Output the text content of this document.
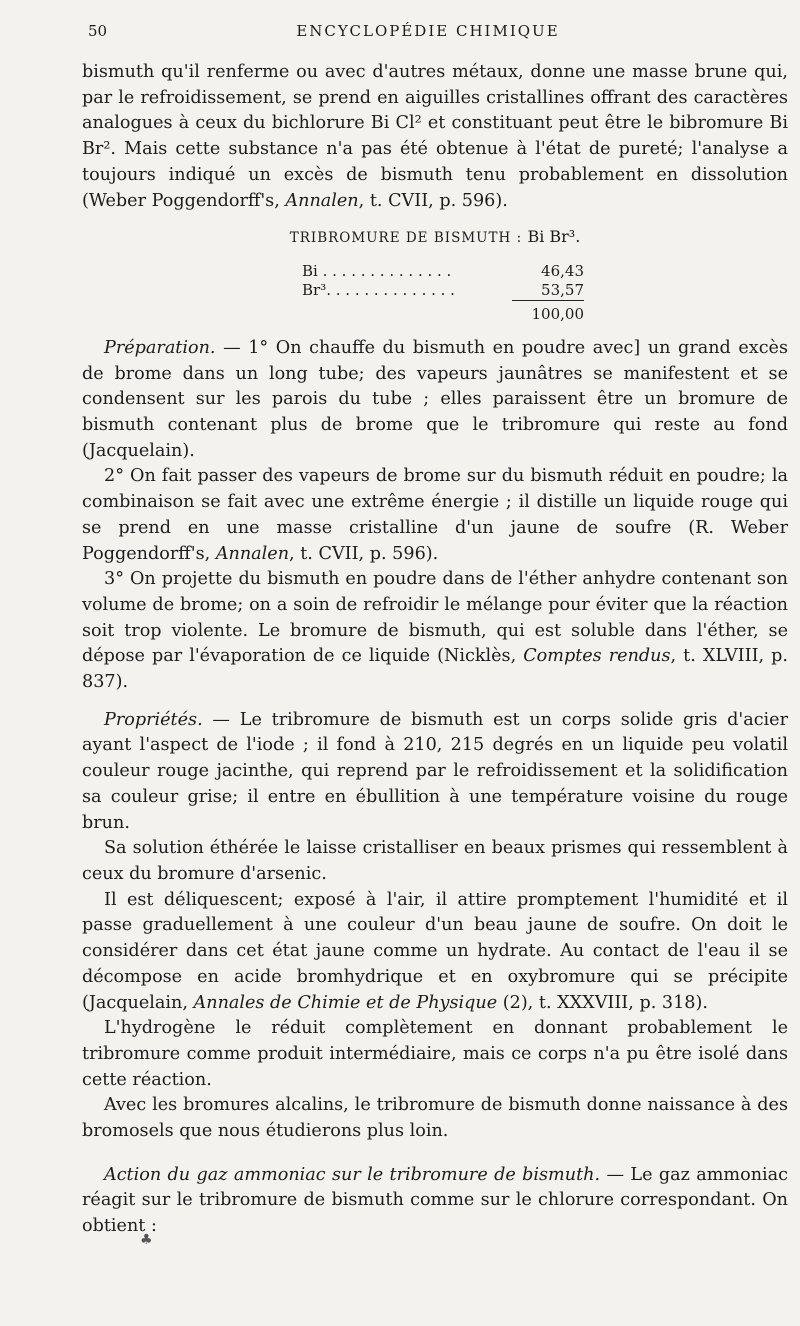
50	ENCYCLOPÉDIE CHIMIQUE

bismuth qu'il renferme ou avec d'autres métaux, donne une masse brune qui, par le refroidissement, se prend en aiguilles cristallines offrant des caractères analogues à ceux du bichlorure Bi Cl² et constituant peut être le bibromure Bi Br². Mais cette substance n'a pas été obtenue à l'état de pureté; l'analyse a toujours indiqué un excès de bismuth tenu probablement en dissolution (Weber Poggendorff's, Annalen, t. CVII, p. 596).

TRIBROMURE DE BISMUTH : Bi Br³.
Bi . . . . . . . . . . . . . .	46,43
Br³. . . . . . . . . . . . . .	53,57
	100,00

Préparation. — 1° On chauffe du bismuth en poudre avec] un grand excès de brome dans un long tube; des vapeurs jaunâtres se manifestent et se condensent sur les parois du tube ; elles paraissent être un bromure de bismuth contenant plus de brome que le tribromure qui reste au fond (Jacquelain).

2° On fait passer des vapeurs de brome sur du bismuth réduit en poudre; la combinaison se fait avec une extrême énergie ; il distille un liquide rouge qui se prend en une masse cristalline d'un jaune de soufre (R. Weber Poggendorff's, Annalen, t. CVII, p. 596).

3° On projette du bismuth en poudre dans de l'éther anhydre contenant son volume de brome; on a soin de refroidir le mélange pour éviter que la réaction soit trop violente. Le bromure de bismuth, qui est soluble dans l'éther, se dépose par l'évaporation de ce liquide (Nicklès, Comptes rendus, t. XLVIII, p. 837).

Propriétés. — Le tribromure de bismuth est un corps solide gris d'acier ayant l'aspect de l'iode ; il fond à 210, 215 degrés en un liquide peu volatil couleur rouge jacinthe, qui reprend par le refroidissement et la solidification sa couleur grise; il entre en ébullition à une température voisine du rouge brun.

Sa solution éthérée le laisse cristalliser en beaux prismes qui ressemblent à ceux du bromure d'arsenic.

Il est déliquescent; exposé à l'air, il attire promptement l'humidité et il passe graduellement à une couleur d'un beau jaune de soufre. On doit le considérer dans cet état jaune comme un hydrate. Au contact de l'eau il se décompose en acide bromhydrique et en oxybromure qui se précipite (Jacquelain, Annales de Chimie et de Physique (2), t. XXXVIII, p. 318).

L'hydrogène le réduit complètement en donnant probablement le tribromure comme produit intermédiaire, mais ce corps n'a pu être isolé dans cette réaction.

Avec les bromures alcalins, le tribromure de bismuth donne naissance à des bromosels que nous étudierons plus loin.

Action du gaz ammoniac sur le tribromure de bismuth. — Le gaz ammoniac réagit sur le tribromure de bismuth comme sur le chlorure correspondant. On obtient :

♣
